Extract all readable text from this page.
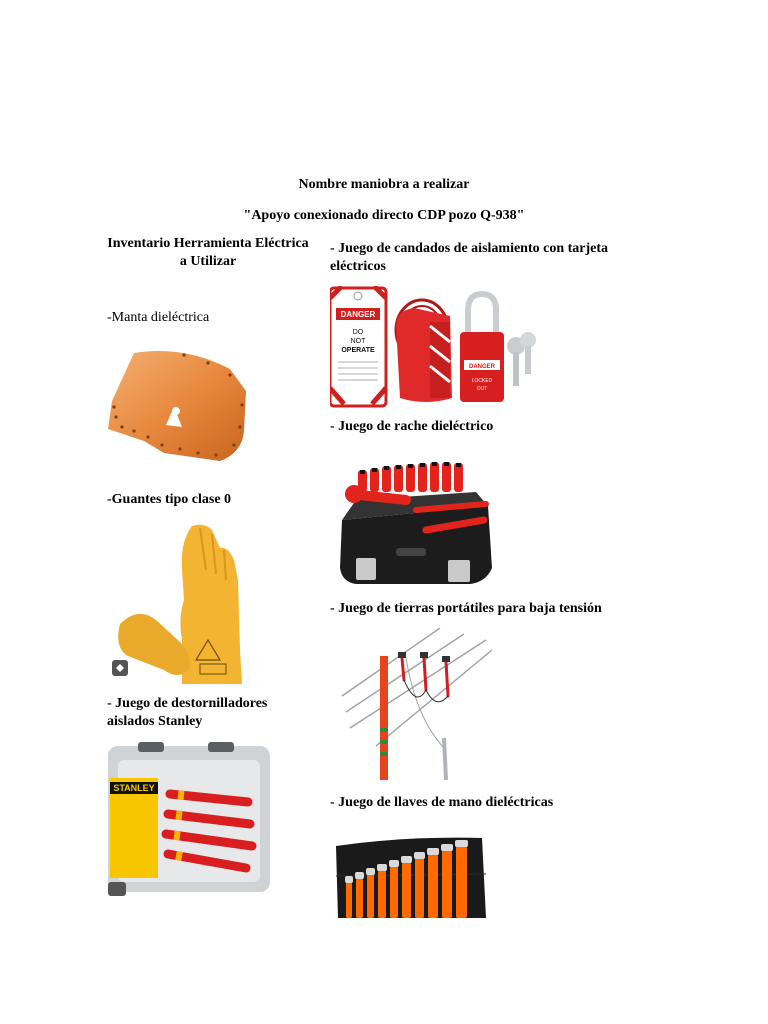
Nombre maniobra a realizar
"Apoyo conexionado directo CDP pozo Q-938"
Inventario Herramienta Eléctrica
a Utilizar
-Manta dieléctrica
-Guantes tipo clase 0
- Juego de destornilladores
aislados Stanley
STANLEY
- Juego de candados de aislamiento con tarjeta
eléctricos
DANGER
DO
NOT
OPERATE
DANGER
LOCKED
OUT
- Juego de rache dieléctrico
- Juego de tierras portátiles para baja tensión
- Juego de llaves de mano dieléctricas
